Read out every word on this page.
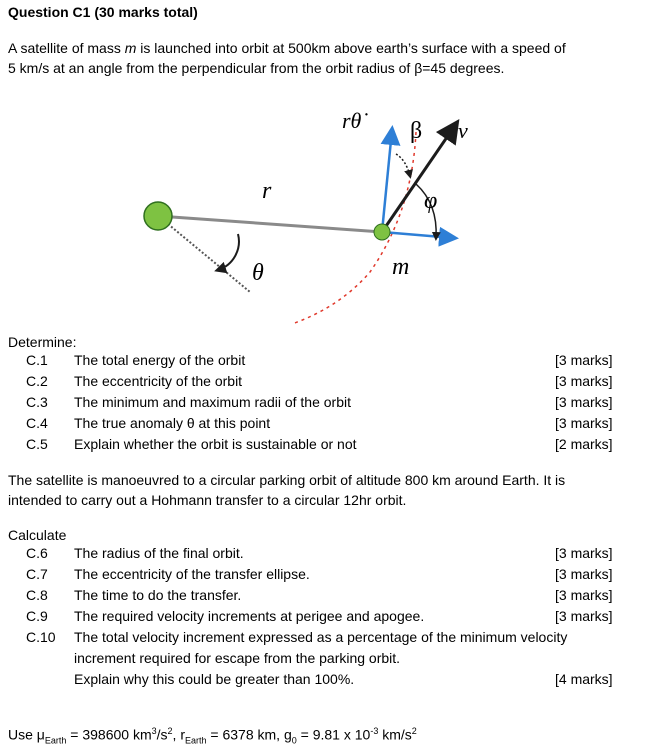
Question C1 (30 marks total)
A satellite of mass m is launched into orbit at 500km above earth’s surface with a speed of
5 km/s at an angle from the perpendicular from the orbit radius of β=45 degrees.
rθ̇ β v⃗
r⃗	φ
θ	m
Determine:
C.1 The total energy of the orbit	[3 marks]
C.2 The eccentricity of the orbit	[3 marks]
C.3 The minimum and maximum radii of the orbit	[3 marks]
C.4 The true anomaly θ at this point	[3 marks]
C.5 Explain whether the orbit is sustainable or not	[2 marks]
The satellite is manoeuvred to a circular parking orbit of altitude 800 km around Earth. It is
intended to carry out a Hohmann transfer to a circular 12hr orbit.
Calculate
C.6 The radius of the final orbit.	[3 marks]
C.7 The eccentricity of the transfer ellipse.	[3 marks]
C.8 The time to do the transfer.	[3 marks]
C.9 The required velocity increments at perigee and apogee.	[3 marks]
C.10 The total velocity increment expressed as a percentage of the minimum velocity
increment required for escape from the parking orbit.
Explain why this could be greater than 100%.	[4 marks]
Use $\mu_{Earth} = 398600$ $km^3/s^2$, $r_{Earth} = 6378$ km, $g_0 = 9.81$ x $10^{-3}$ $km/s^2$
